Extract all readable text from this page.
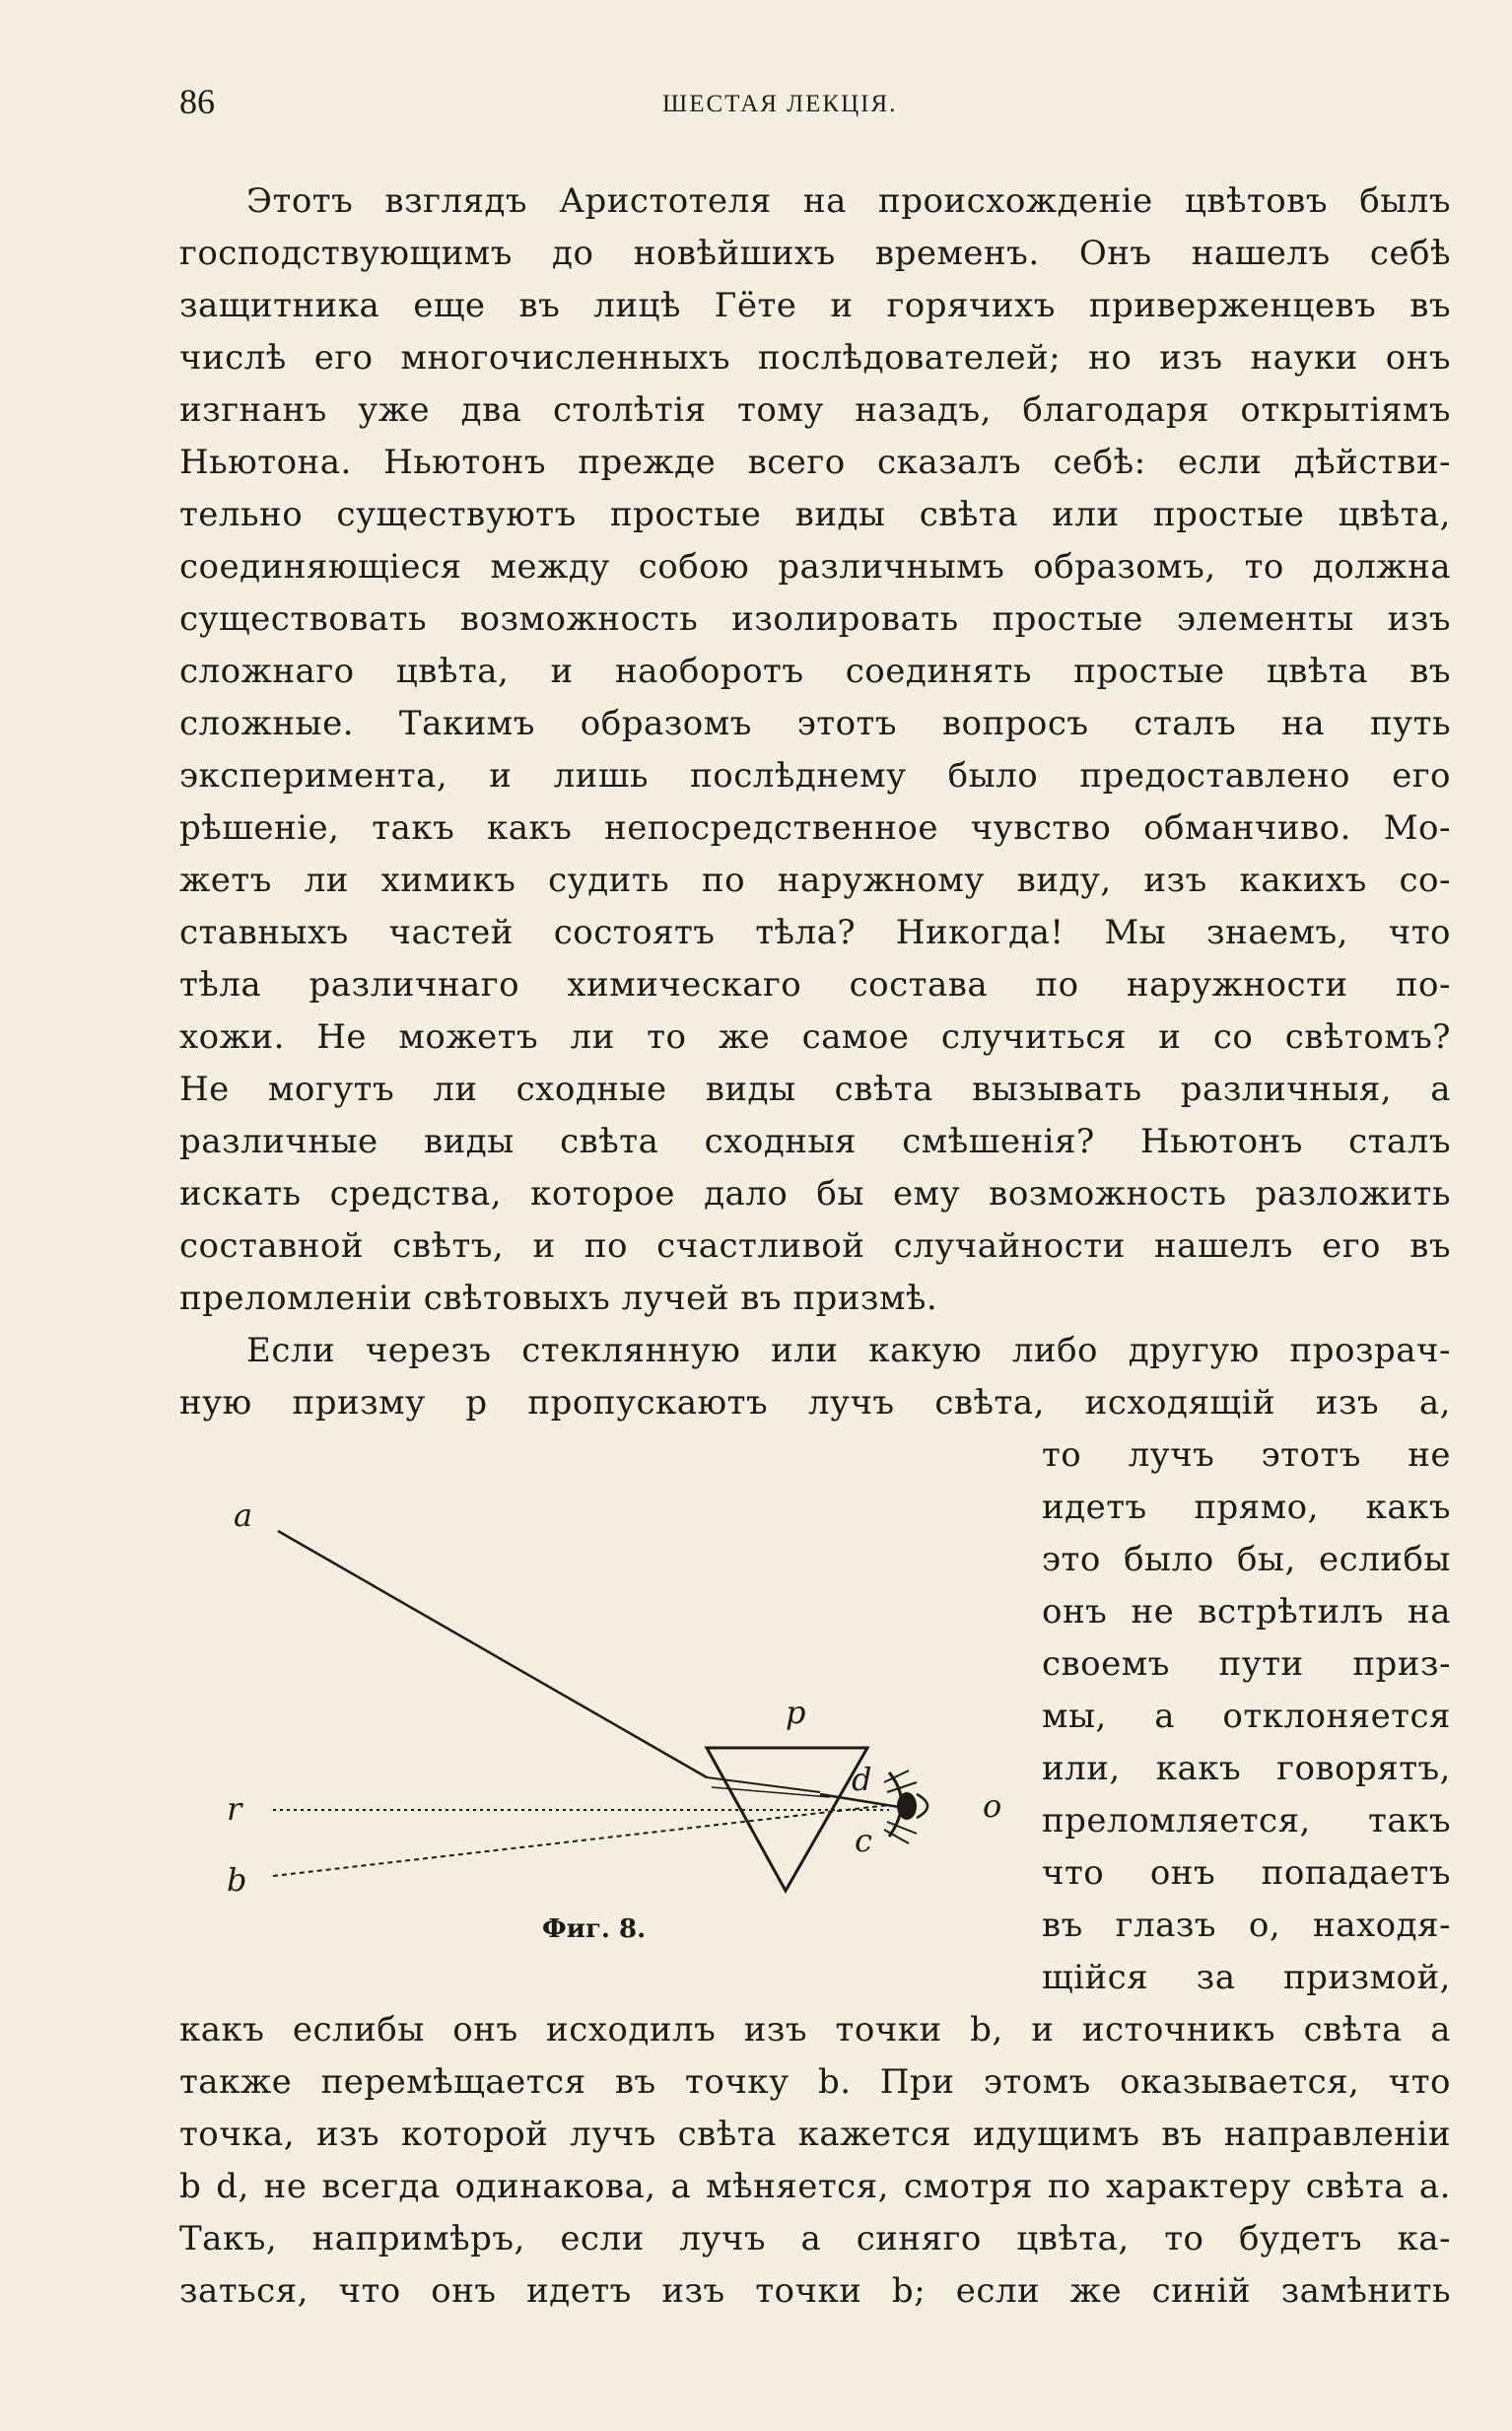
86	ШЕСТАЯ ЛЕКЦІЯ.
Этотъ взглядъ Аристотеля на происхожденіе цвѣтовъ былъ
господствующимъ до новѣйшихъ временъ. Онъ нашелъ себѣ
защитника еще въ лицѣ Гёте и горячихъ приверженцевъ въ
числѣ его многочисленныхъ послѣдователей; но изъ науки онъ
изгнанъ уже два столѣтія тому назадъ, благодаря открытіямъ
Ньютона. Ньютонъ прежде всего сказалъ себѣ: если дѣйстви-
тельно существуютъ простые виды свѣта или простые цвѣта,
соединяющіеся между собою различнымъ образомъ, то должна
существовать возможность изолировать простые элементы изъ
сложнаго цвѣта, и наоборотъ соединять простые цвѣта въ
сложные. Такимъ образомъ этотъ вопросъ сталъ на путь
эксперимента, и лишь послѣднему было предоставлено его
рѣшеніе, такъ какъ непосредственное чувство обманчиво. Мо-
жетъ ли химикъ судить по наружному виду, изъ какихъ со-
ставныхъ частей состоятъ тѣла? Никогда! Мы знаемъ, что
тѣла различнаго химическаго состава по наружности по-
хожи. Не можетъ ли то же самое случиться и со свѣтомъ?
Не могутъ ли сходные виды свѣта вызывать различныя, а
различные виды свѣта сходныя смѣшенія? Ньютонъ сталъ
искать средства, которое дало бы ему возможность разложить
составной свѣтъ, и по счастливой случайности нашелъ его въ
преломленіи свѣтовыхъ лучей въ призмѣ.
Если черезъ стеклянную или какую либо другую прозрач-
ную призму p пропускаютъ лучъ свѣта, исходящій изъ a,
то лучъ этотъ не
идетъ прямо, какъ
это было бы, еслибы
онъ не встрѣтилъ на
своемъ пути приз-
мы, а отклоняется
или, какъ говорятъ,
преломляется, такъ
что онъ попадаетъ
въ глазъ o, находя-
щійся за призмой,
какъ еслибы онъ исходилъ изъ точки b, и источникъ свѣта a
также перемѣщается въ точку b. При этомъ оказывается, что
точка, изъ которой лучъ свѣта кажется идущимъ въ направленіи
b d, не всегда одинакова, а мѣняется, смотря по характеру свѣта a.
Такъ, напримѣръ, если лучъ a синяго цвѣта, то будетъ ка-
заться, что онъ идетъ изъ точки b; если же синій замѣнить
a
p
d
o
c
r
b
Фиг. 8.
